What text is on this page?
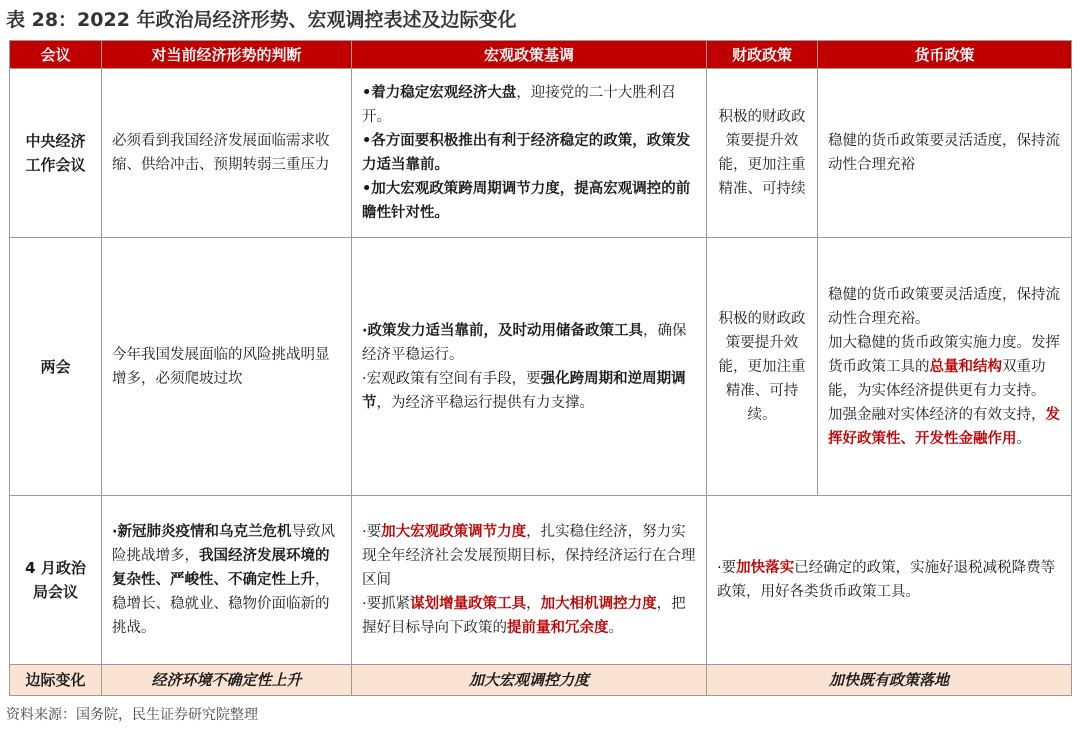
表 28：2022 年政治局经济形势、宏观调控表述及边际变化
会议	对当前经济形势的判断	宏观政策基调	财政政策	货币政策

中央经济
工作会议	必须看到我国经济发展面临需求收缩、供给冲击、预期转弱三重压力	•着力稳定宏观经济大盘，迎接党的二十大胜利召开。
•各方面要积极推出有利于经济稳定的政策，政策发力适当靠前。
•加大宏观政策跨周期调节力度，提高宏观调控的前瞻性针对性。	积极的财政政策要提升效能，更加注重精准、可持续	稳健的货币政策要灵活适度，保持流动性合理充裕
两会	今年我国发展面临的风险挑战明显增多，必须爬坡过坎	·政策发力适当靠前，及时动用储备政策工具，确保经济平稳运行。
·宏观政策有空间有手段，要强化跨周期和逆周期调节，为经济平稳运行提供有力支撑。	积极的财政政策要提升效能，更加注重精准、可持续。	稳健的货币政策要灵活适度，保持流动性合理充裕。
加大稳健的货币政策实施力度。发挥货币政策工具的总量和结构双重功能，为实体经济提供更有力支持。
加强金融对实体经济的有效支持，发挥好政策性、开发性金融作用。

4 月政治
局会议	·新冠肺炎疫情和乌克兰危机导致风险挑战增多，我国经济发展环境的复杂性、严峻性、不确定性上升，稳增长、稳就业、稳物价面临新的挑战。	·要加大宏观政策调节力度，扎实稳住经济，努力实现全年经济社会发展预期目标，保持经济运行在合理区间
·要抓紧谋划增量政策工具，加大相机调控力度，把握好目标导向下政策的提前量和冗余度。	·要加快落实已经确定的政策，实施好退税减税降费等政策，用好各类货币政策工具。	
边际变化	经济环境不确定性上升	加大宏观调控力度	加快既有政策落地	
资料来源：国务院，民生证券研究院整理
